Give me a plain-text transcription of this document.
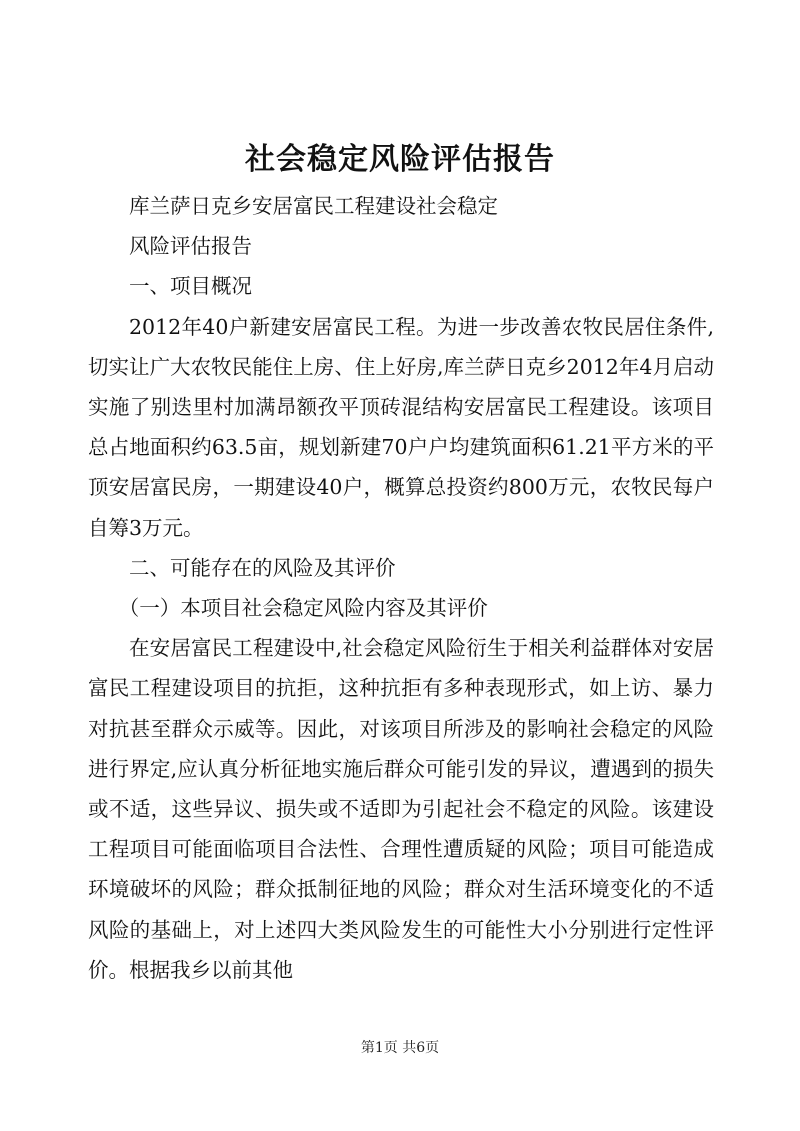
社会稳定风险评估报告

库兰萨日克乡安居富民工程建设社会稳定

风险评估报告

一、项目概况

2012年40户新建安居富民工程。为进一步改善农牧民居住条件,切实让广大农牧民能住上房、住上好房,库兰萨日克乡2012年4月启动实施了别迭里村加满昂额孜平顶砖混结构安居富民工程建设。该项目总占地面积约63.5亩，规划新建70户户均建筑面积61.21平方米的平顶安居富民房，一期建设40户，概算总投资约800万元，农牧民每户自筹3万元。

二、可能存在的风险及其评价

（一）本项目社会稳定风险内容及其评价

在安居富民工程建设中,社会稳定风险衍生于相关利益群体对安居富民工程建设项目的抗拒，这种抗拒有多种表现形式，如上访、暴力对抗甚至群众示威等。因此，对该项目所涉及的影响社会稳定的风险进行界定,应认真分析征地实施后群众可能引发的异议，遭遇到的损失或不适，这些异议、损失或不适即为引起社会不稳定的风险。该建设工程项目可能面临项目合法性、合理性遭质疑的风险；项目可能造成环境破坏的风险；群众抵制征地的风险；群众对生活环境变化的不适风险的基础上，对上述四大类风险发生的可能性大小分别进行定性评价。根据我乡以前其他

第1页 共6页
